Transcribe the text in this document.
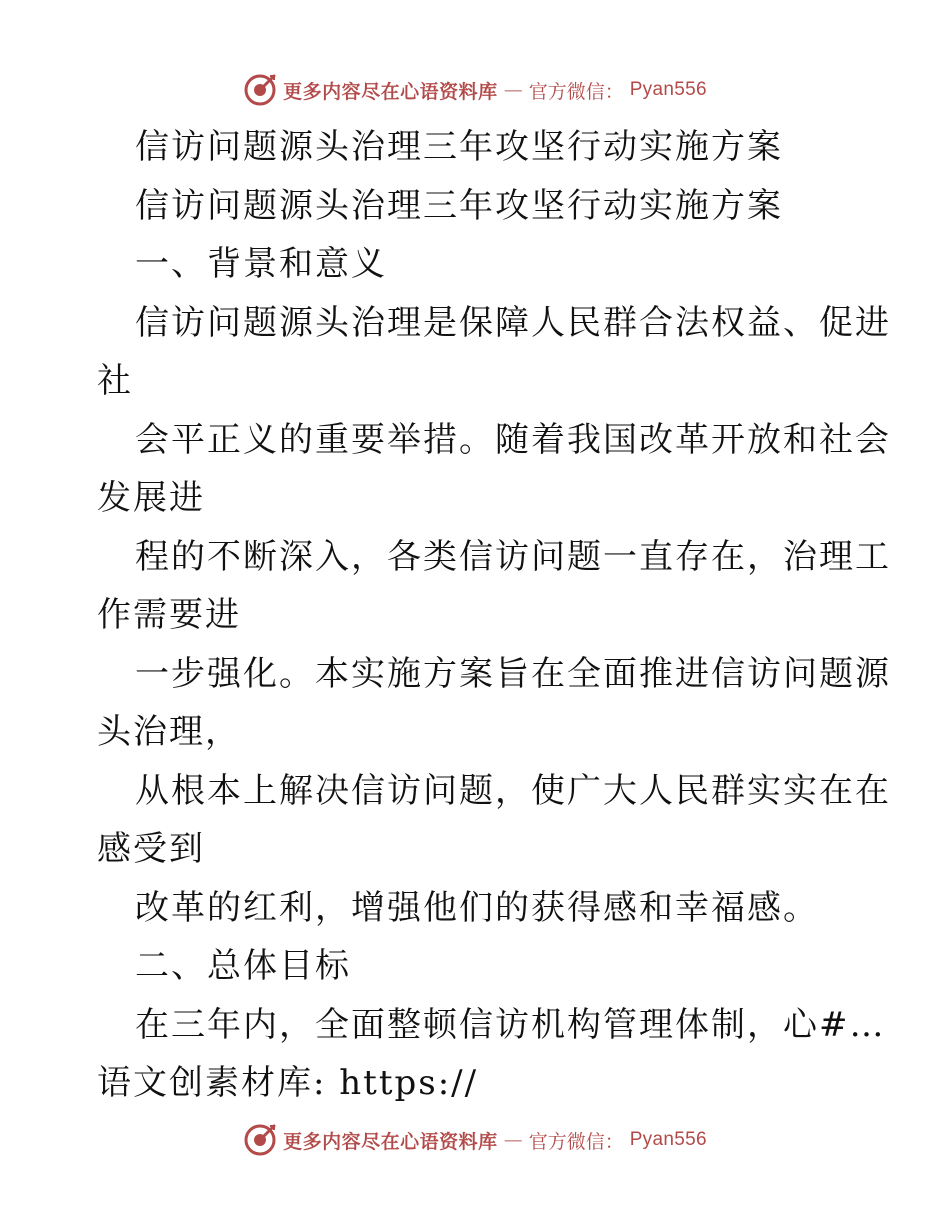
更多内容尽在心语资料库 — 官方微信： Pyan556
信访问题源头治理三年攻坚行动实施方案
信访问题源头治理三年攻坚行动实施方案
一、背景和意义
信访问题源头治理是保障人民群合法权益、促进
社
会平正义的重要举措。随着我国改革开放和社会
发展进
程的不断深入，各类信访问题一直存在，治理工
作需要进
一步强化。本实施方案旨在全面推进信访问题源
头治理，
从根本上解决信访问题，使广大人民群实实在在
感受到
改革的红利，增强他们的获得感和幸福感。
二、总体目标
在三年内，全面整顿信访机构管理体制，心#…
语文创素材库: https://
更多内容尽在心语资料库 — 官方微信： Pyan556
